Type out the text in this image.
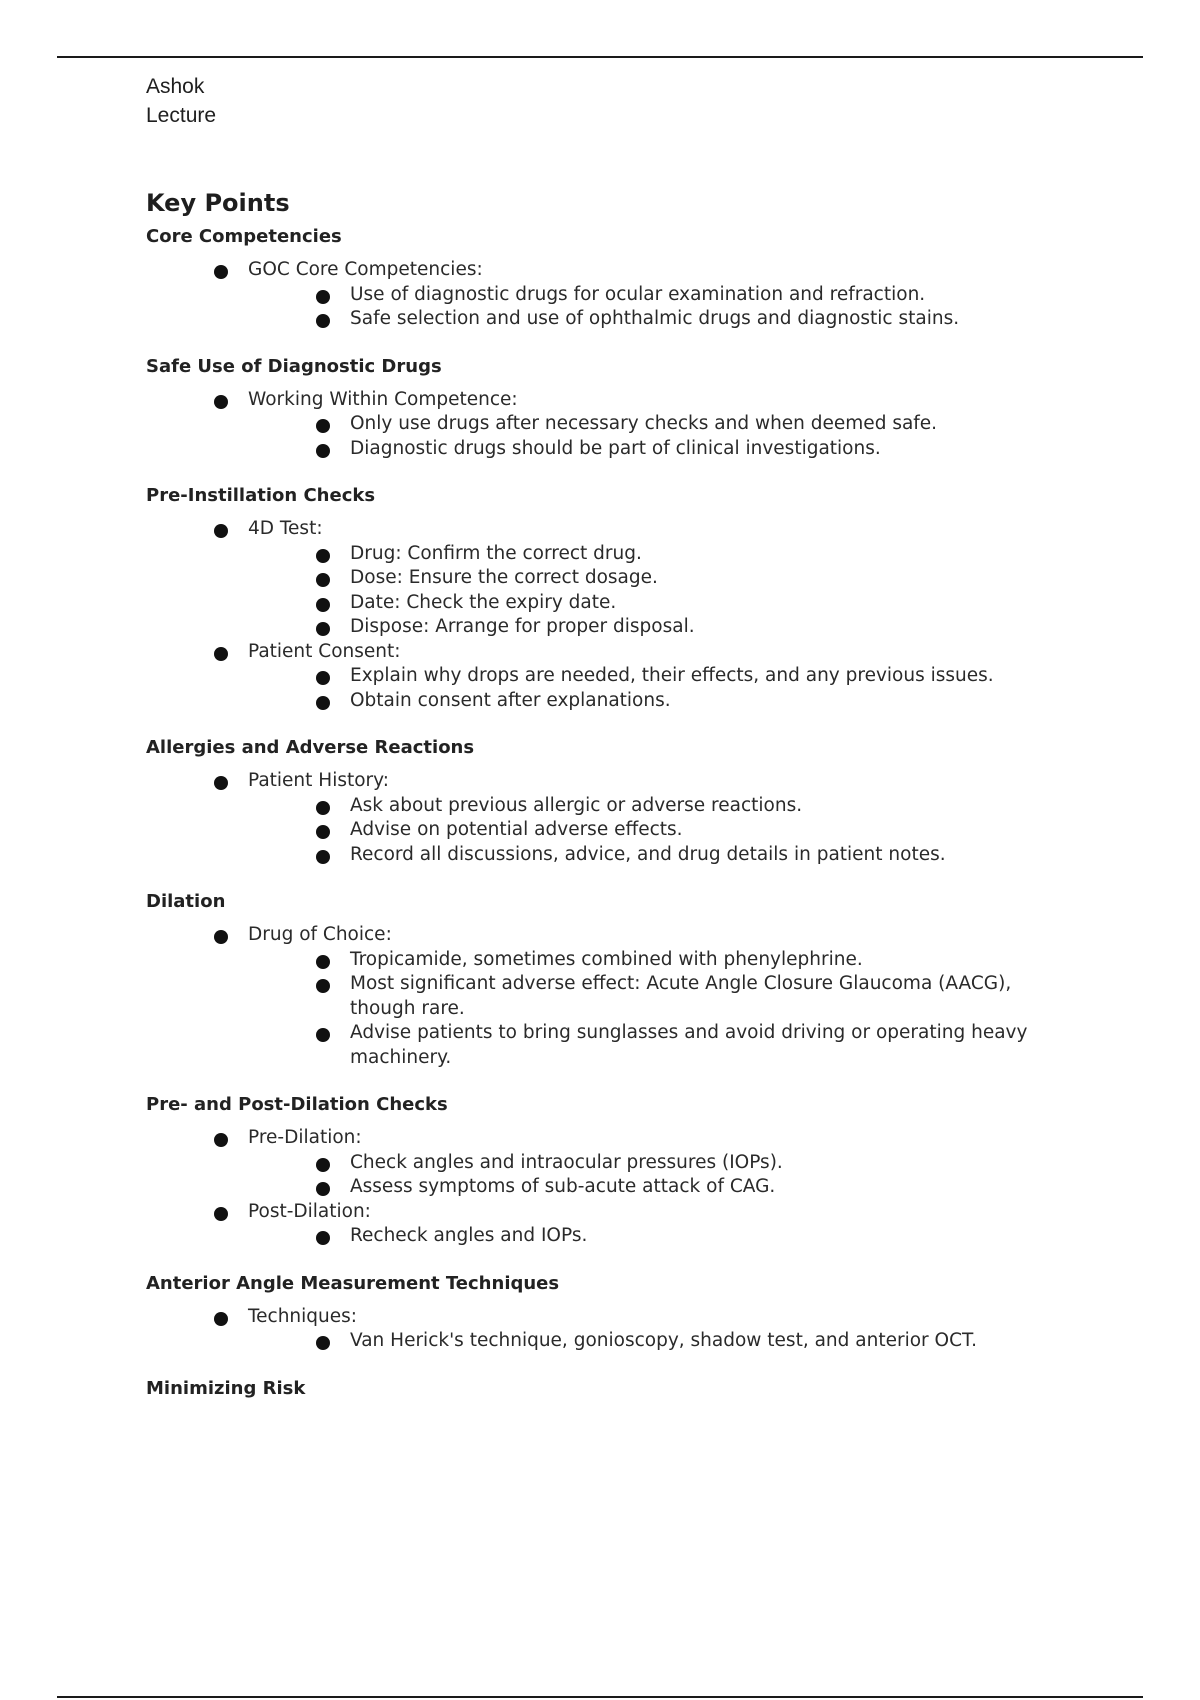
Ashok
Lecture
Key Points
Core Competencies
GOC Core Competencies:
Use of diagnostic drugs for ocular examination and refraction.
Safe selection and use of ophthalmic drugs and diagnostic stains.
Safe Use of Diagnostic Drugs
Working Within Competence:
Only use drugs after necessary checks and when deemed safe.
Diagnostic drugs should be part of clinical investigations.
Pre-Instillation Checks
4D Test:
Drug: Confirm the correct drug.
Dose: Ensure the correct dosage.
Date: Check the expiry date.
Dispose: Arrange for proper disposal.
Patient Consent:
Explain why drops are needed, their effects, and any previous issues.
Obtain consent after explanations.
Allergies and Adverse Reactions
Patient History:
Ask about previous allergic or adverse reactions.
Advise on potential adverse effects.
Record all discussions, advice, and drug details in patient notes.
Dilation
Drug of Choice:
Tropicamide, sometimes combined with phenylephrine.
Most significant adverse effect: Acute Angle Closure Glaucoma (AACG), though rare.
Advise patients to bring sunglasses and avoid driving or operating heavy machinery.
Pre- and Post-Dilation Checks
Pre-Dilation:
Check angles and intraocular pressures (IOPs).
Assess symptoms of sub-acute attack of CAG.
Post-Dilation:
Recheck angles and IOPs.
Anterior Angle Measurement Techniques
Techniques:
Van Herick's technique, gonioscopy, shadow test, and anterior OCT.
Minimizing Risk
